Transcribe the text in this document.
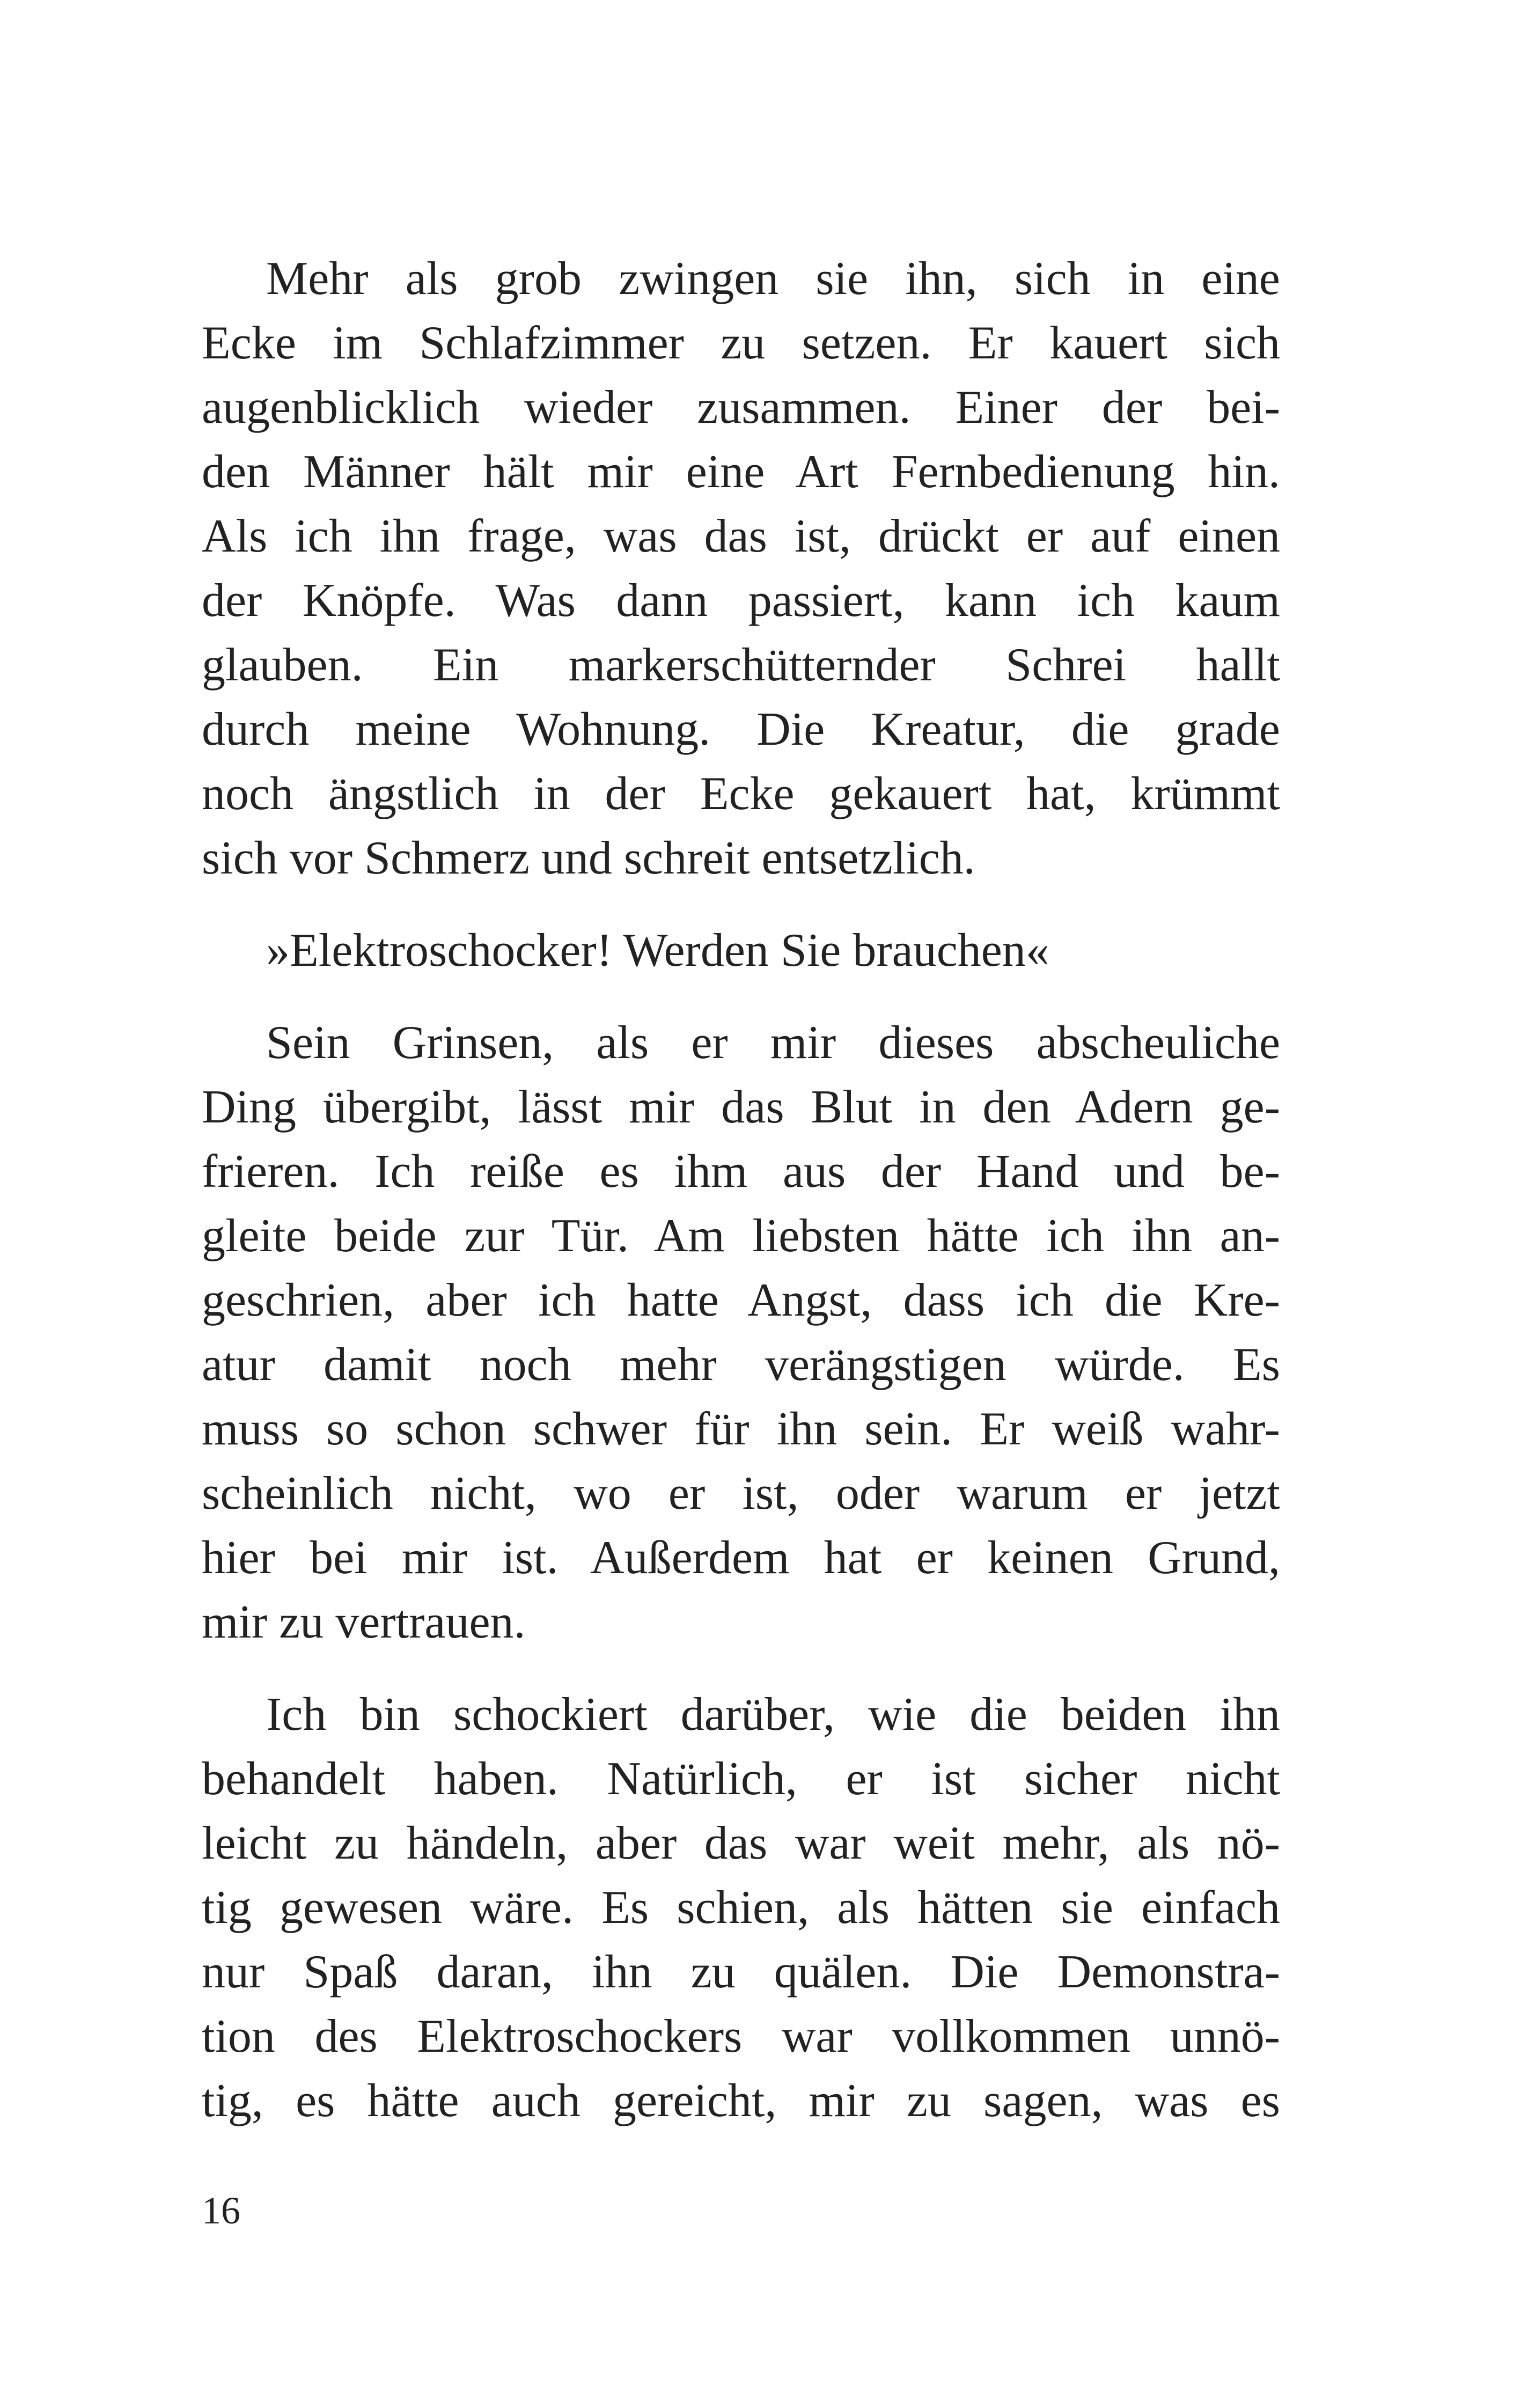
Mehr als grob zwingen sie ihn, sich in eine
Ecke im Schlafzimmer zu setzen. Er kauert sich
augenblicklich wieder zusammen. Einer der bei-
den Männer hält mir eine Art Fernbedienung hin.
Als ich ihn frage, was das ist, drückt er auf einen
der Knöpfe. Was dann passiert, kann ich kaum
glauben. Ein markerschütternder Schrei hallt
durch meine Wohnung. Die Kreatur, die grade
noch ängstlich in der Ecke gekauert hat, krümmt
sich vor Schmerz und schreit entsetzlich.
»Elektroschocker! Werden Sie brauchen«
Sein Grinsen, als er mir dieses abscheuliche
Ding übergibt, lässt mir das Blut in den Adern ge-
frieren. Ich reiße es ihm aus der Hand und be-
gleite beide zur Tür. Am liebsten hätte ich ihn an-
geschrien, aber ich hatte Angst, dass ich die Kre-
atur damit noch mehr verängstigen würde. Es
muss so schon schwer für ihn sein. Er weiß wahr-
scheinlich nicht, wo er ist, oder warum er jetzt
hier bei mir ist. Außerdem hat er keinen Grund,
mir zu vertrauen.
Ich bin schockiert darüber, wie die beiden ihn
behandelt haben. Natürlich, er ist sicher nicht
leicht zu händeln, aber das war weit mehr, als nö-
tig gewesen wäre. Es schien, als hätten sie einfach
nur Spaß daran, ihn zu quälen. Die Demonstra-
tion des Elektroschockers war vollkommen unnö-
tig, es hätte auch gereicht, mir zu sagen, was es
16
